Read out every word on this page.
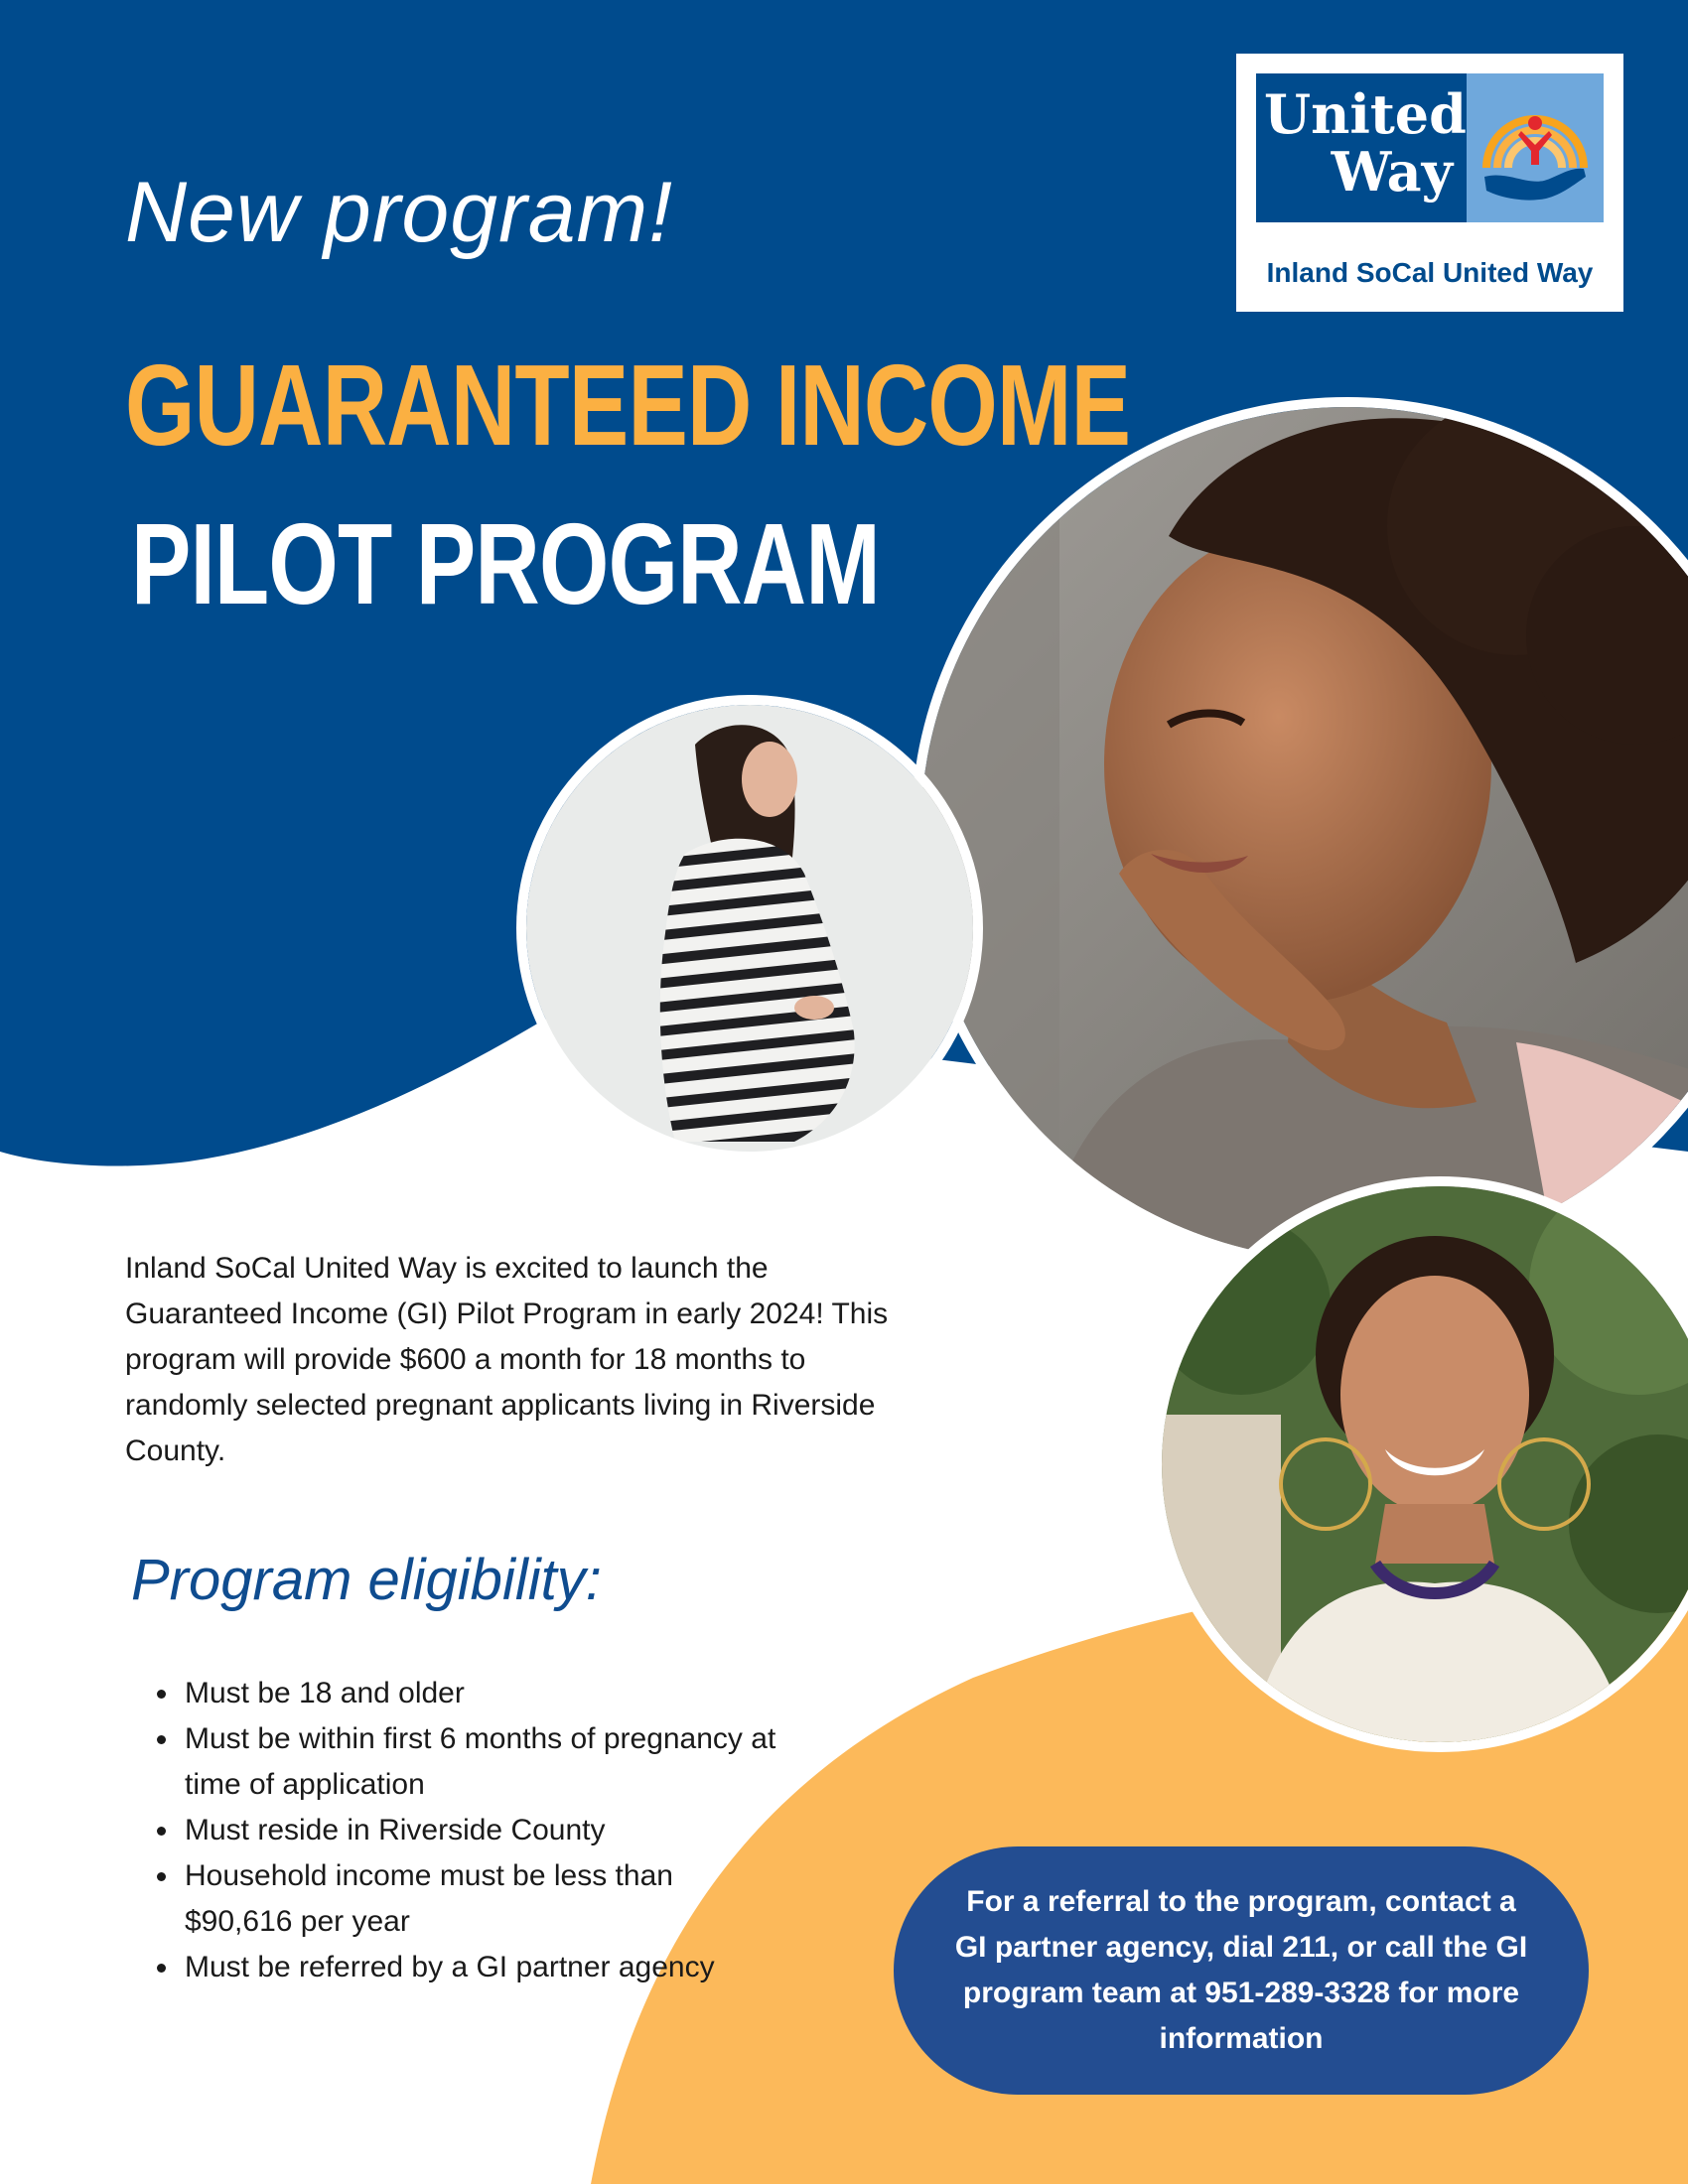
New program!
GUARANTEED INCOME
PILOT PROGRAM
United
Way
Inland SoCal United Way
Inland SoCal United Way is excited to launch the Guaranteed Income (GI) Pilot Program in early 2024! This program will provide $600 a month for 18 months to randomly selected pregnant applicants living in Riverside County.
Program eligibility:
• Must be 18 and older
• Must be within first 6 months of pregnancy at time of application
• Must reside in Riverside County
• Household income must be less than $90,616 per year
• Must be referred by a GI partner agency
For a referral to the program, contact a GI partner agency, dial 211, or call the GI program team at 951-289-3328 for more information
